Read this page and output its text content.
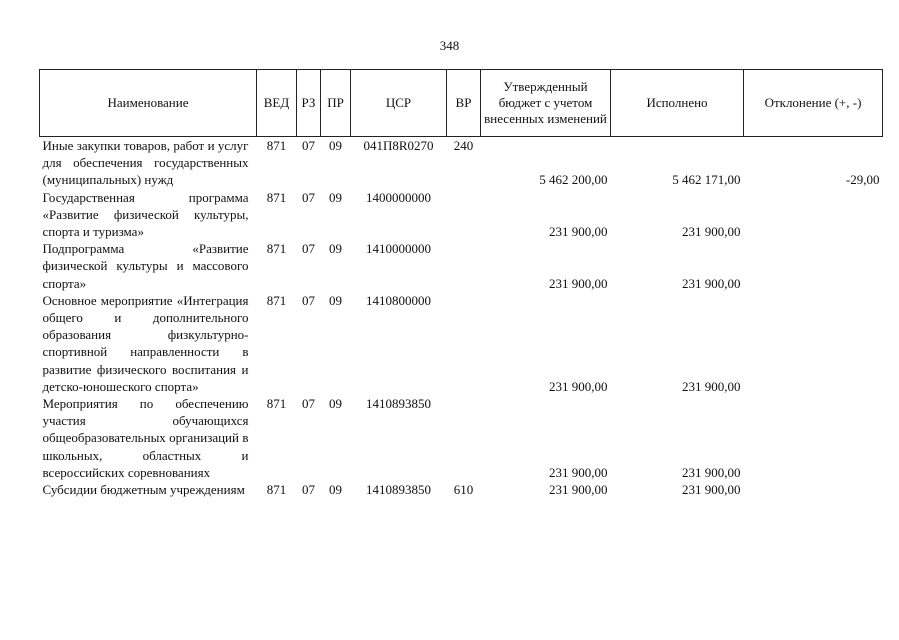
348
Наименование	ВЕД	РЗ	ПР	ЦСР	ВР	Утвержденный бюджет с учетом внесенных изменений	Исполнено	Отклонение (+, -)
Иные закупки товаров, работ и услуг для обеспечения государственных (муниципальных) нужд	871	07	09	041П8R0270	240	5 462 200,00	5 462 171,00	-29,00
Государственная программа «Развитие физической культуры, спорта и туризма»	871	07	09	1400000000		231 900,00	231 900,00	
Подпрограмма «Развитие физической культуры и массового спорта»	871	07	09	1410000000		231 900,00	231 900,00	
Основное мероприятие «Интеграция общего и дополнительного образования физкультурно-спортивной направленности в развитие физического воспитания и детско-юношеского спорта»	871	07	09	1410800000		231 900,00	231 900,00	
Мероприятия по обеспечению участия обучающихся общеобразовательных организаций в школьных, областных и всероссийских соревнованиях	871	07	09	1410893850		231 900,00	231 900,00	
Субсидии бюджетным учреждениям	871	07	09	1410893850	610	231 900,00	231 900,00	
